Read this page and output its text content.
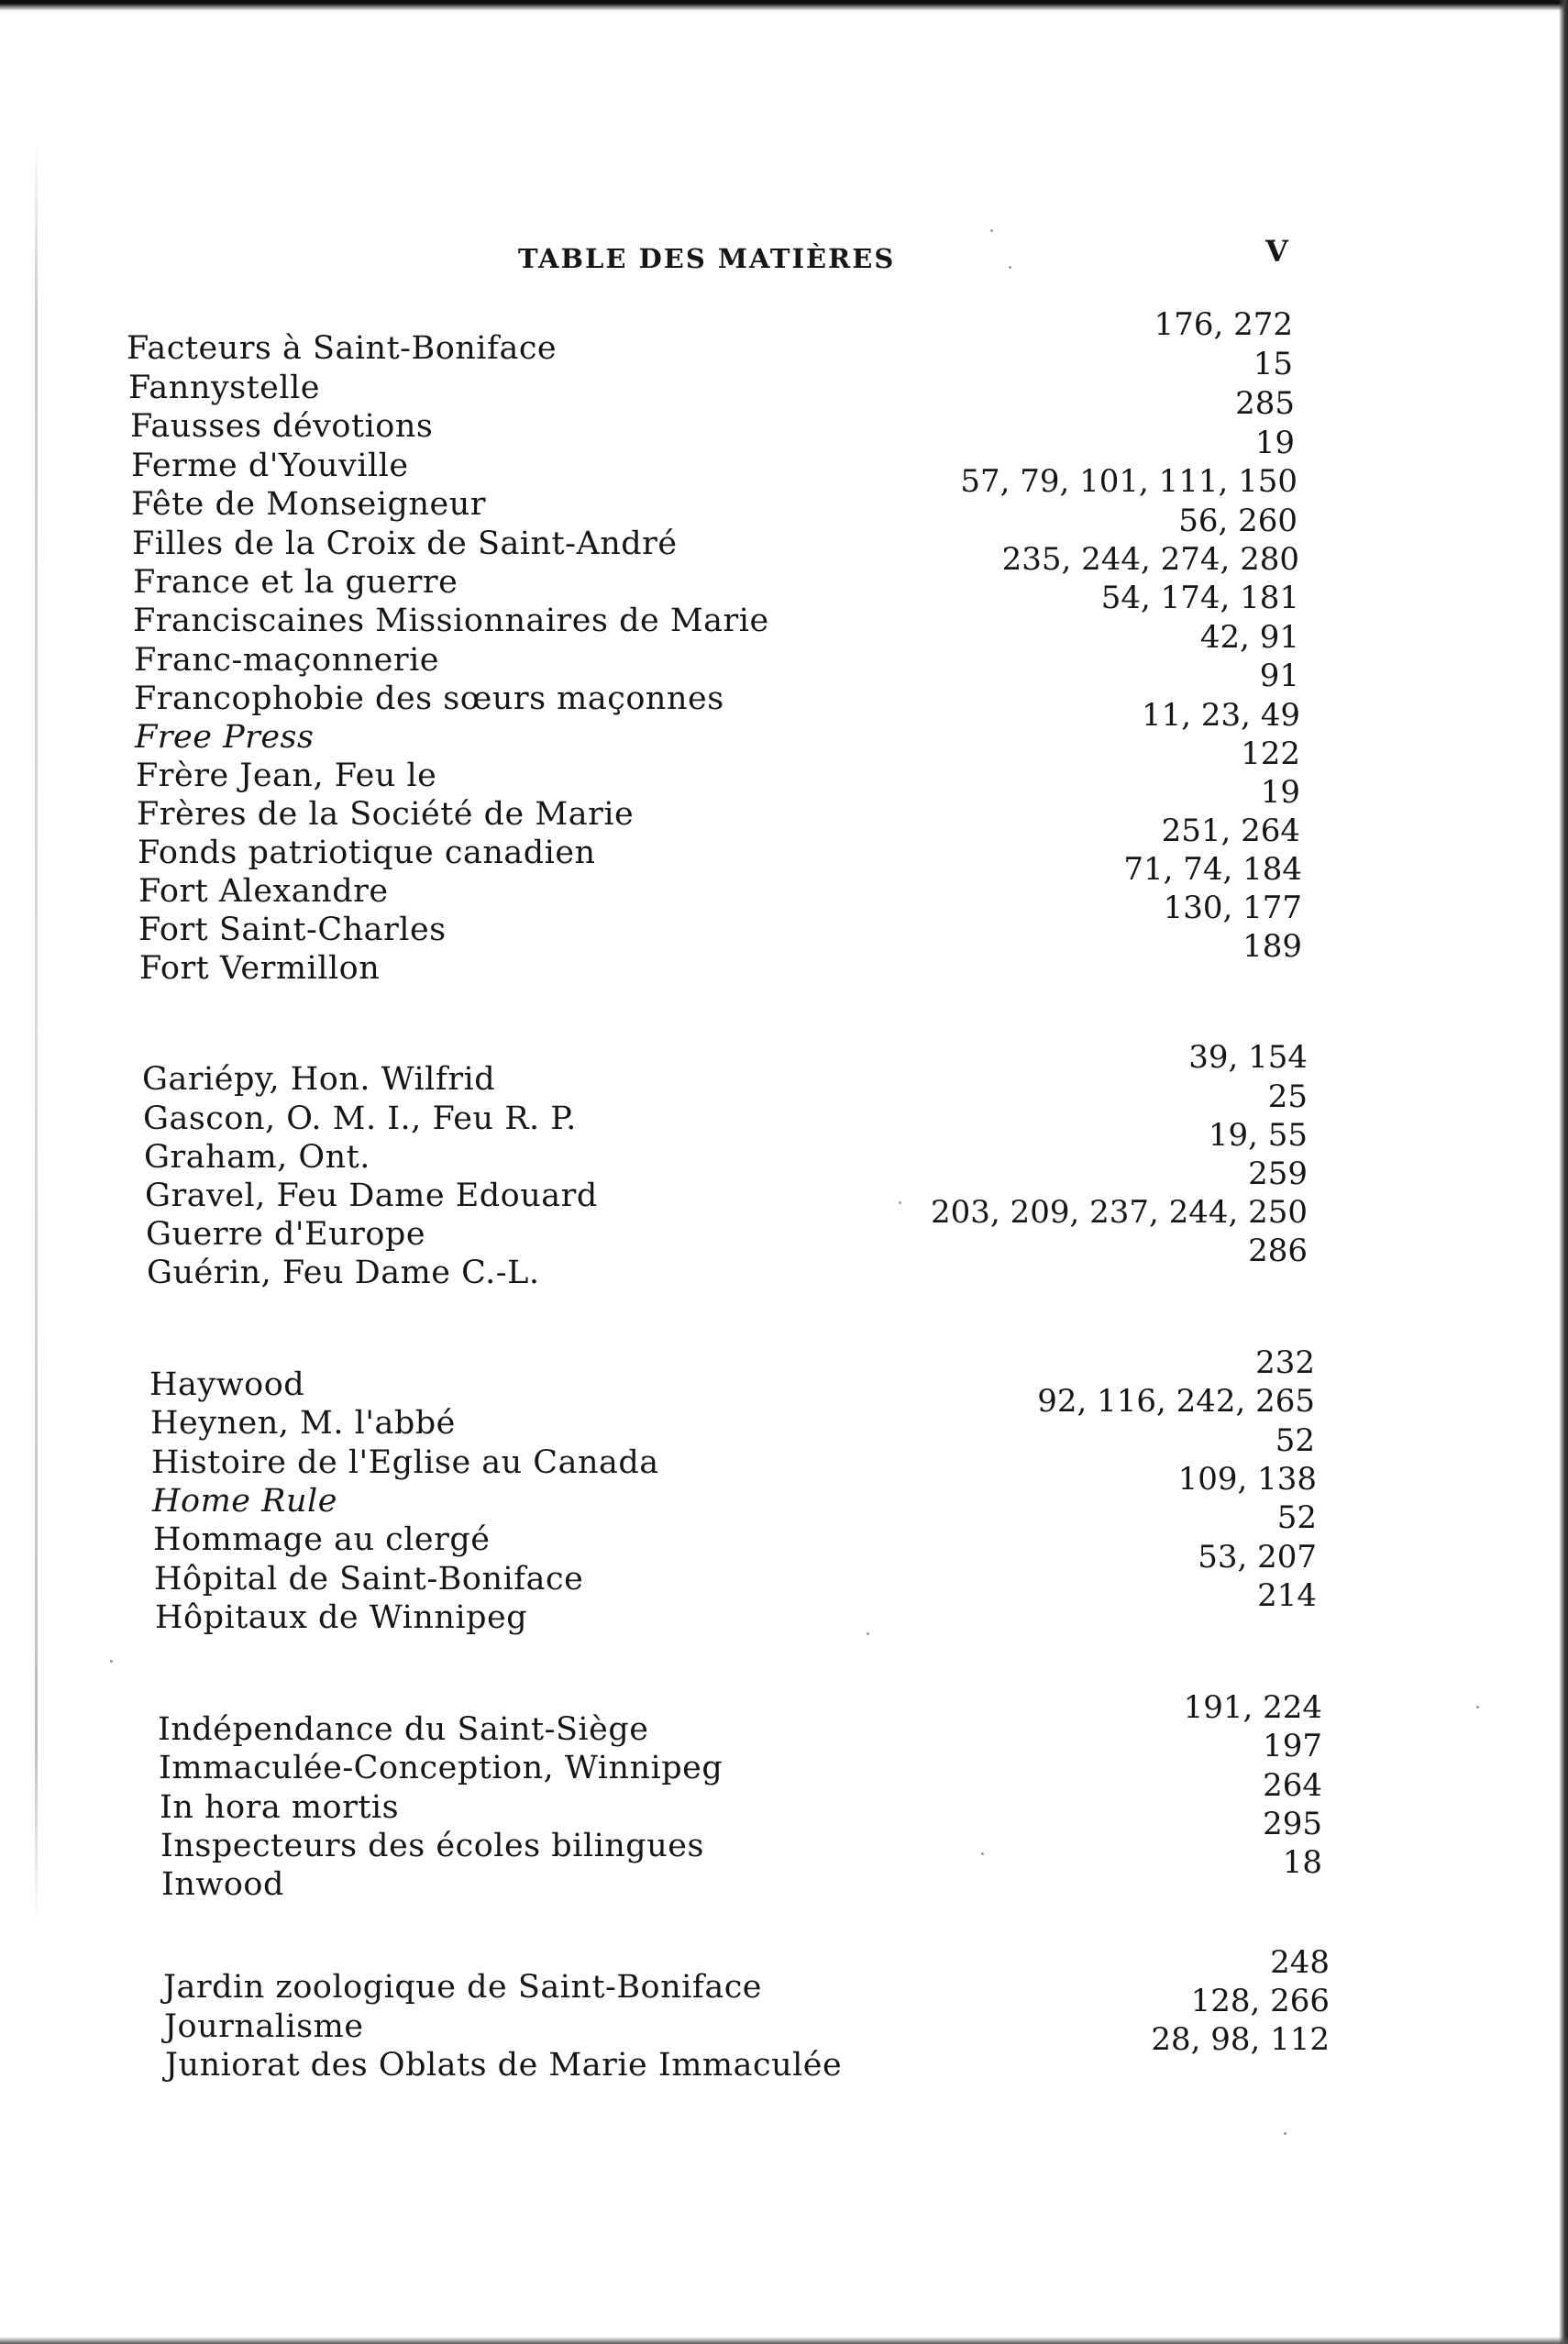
TABLE DES MATIÈRES	V
Facteurs à Saint-Boniface
176, 272
Fannystelle
15
Fausses dévotions
285
Ferme d'Youville
19
Fête de Monseigneur
57, 79, 101, 111, 150
Filles de la Croix de Saint-André
56, 260
France et la guerre
235, 244, 274, 280
Franciscaines Missionnaires de Marie
54, 174, 181
Franc-maçonnerie
42, 91
Francophobie des sœurs maçonnes
91
Free Press
11, 23, 49
Frère Jean, Feu le
122
Frères de la Société de Marie
19
Fonds patriotique canadien
251, 264
Fort Alexandre
71, 74, 184
Fort Saint-Charles
130, 177
Fort Vermillon
189
Gariépy, Hon. Wilfrid
39, 154
Gascon, O. M. I., Feu R. P.
25
Graham, Ont.
19, 55
Gravel, Feu Dame Edouard
259
Guerre d'Europe
203, 209, 237, 244, 250
Guérin, Feu Dame C.-L.
286
Haywood
232
Heynen, M. l'abbé
92, 116, 242, 265
Histoire de l'Eglise au Canada
52
Home Rule
109, 138
Hommage au clergé
52
Hôpital de Saint-Boniface
53, 207
Hôpitaux de Winnipeg
214
Indépendance du Saint-Siège
191, 224
Immaculée-Conception, Winnipeg
197
In hora mortis
264
Inspecteurs des écoles bilingues
295
Inwood
18
Jardin zoologique de Saint-Boniface
248
Journalisme
128, 266
Juniorat des Oblats de Marie Immaculée
28, 98, 112
